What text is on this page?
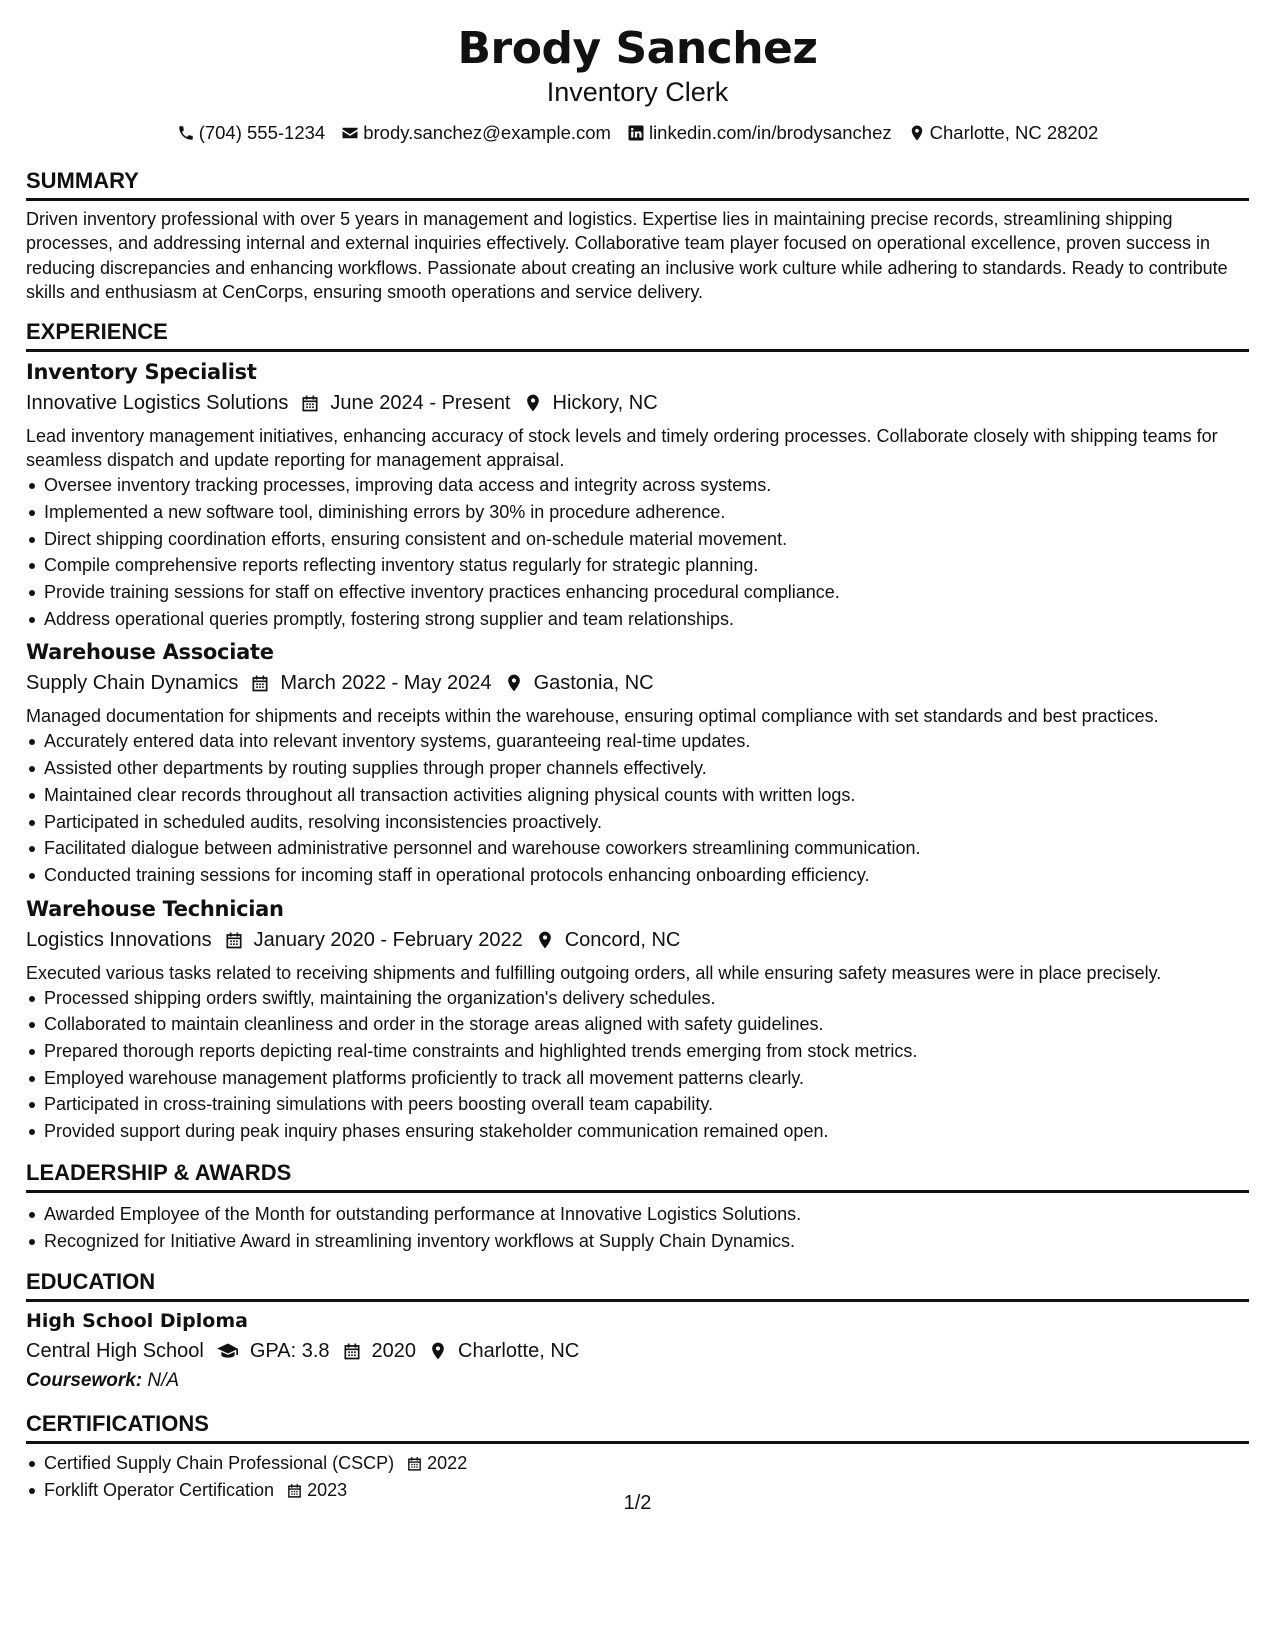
Brody Sanchez
Inventory Clerk
(704) 555-1234 brody.sanchez@example.com linkedin.com/in/brodysanchez Charlotte, NC 28202
SUMMARY

Driven inventory professional with over 5 years in management and logistics. Expertise lies in maintaining precise records, streamlining shipping processes, and addressing internal and external inquiries effectively. Collaborative team player focused on operational excellence, proven success in reducing discrepancies and enhancing workflows. Passionate about creating an inclusive work culture while adhering to standards. Ready to contribute skills and enthusiasm at CenCorps, ensuring smooth operations and service delivery.

EXPERIENCE
Inventory Specialist
Innovative Logistics Solutions June 2024 - Present Hickory, NC

Lead inventory management initiatives, enhancing accuracy of stock levels and timely ordering processes. Collaborate closely with shipping teams for seamless dispatch and update reporting for management appraisal.

Oversee inventory tracking processes, improving data access and integrity across systems.
Implemented a new software tool, diminishing errors by 30% in procedure adherence.
Direct shipping coordination efforts, ensuring consistent and on-schedule material movement.
Compile comprehensive reports reflecting inventory status regularly for strategic planning.
Provide training sessions for staff on effective inventory practices enhancing procedural compliance.
Address operational queries promptly, fostering strong supplier and team relationships.
Warehouse Associate
Supply Chain Dynamics March 2022 - May 2024 Gastonia, NC

Managed documentation for shipments and receipts within the warehouse, ensuring optimal compliance with set standards and best practices.

Accurately entered data into relevant inventory systems, guaranteeing real-time updates.
Assisted other departments by routing supplies through proper channels effectively.
Maintained clear records throughout all transaction activities aligning physical counts with written logs.
Participated in scheduled audits, resolving inconsistencies proactively.
Facilitated dialogue between administrative personnel and warehouse coworkers streamlining communication.
Conducted training sessions for incoming staff in operational protocols enhancing onboarding efficiency.
Warehouse Technician
Logistics Innovations January 2020 - February 2022 Concord, NC

Executed various tasks related to receiving shipments and fulfilling outgoing orders, all while ensuring safety measures were in place precisely.

Processed shipping orders swiftly, maintaining the organization's delivery schedules.
Collaborated to maintain cleanliness and order in the storage areas aligned with safety guidelines.
Prepared thorough reports depicting real-time constraints and highlighted trends emerging from stock metrics.
Employed warehouse management platforms proficiently to track all movement patterns clearly.
Participated in cross-training simulations with peers boosting overall team capability.
Provided support during peak inquiry phases ensuring stakeholder communication remained open.
LEADERSHIP & AWARDS
Awarded Employee of the Month for outstanding performance at Innovative Logistics Solutions.
Recognized for Initiative Award in streamlining inventory workflows at Supply Chain Dynamics.
EDUCATION
High School Diploma
Central High School GPA: 3.8 2020 Charlotte, NC
Coursework: N/A
CERTIFICATIONS
Certified Supply Chain Professional (CSCP) 2022
Forklift Operator Certification 2023
1/2
